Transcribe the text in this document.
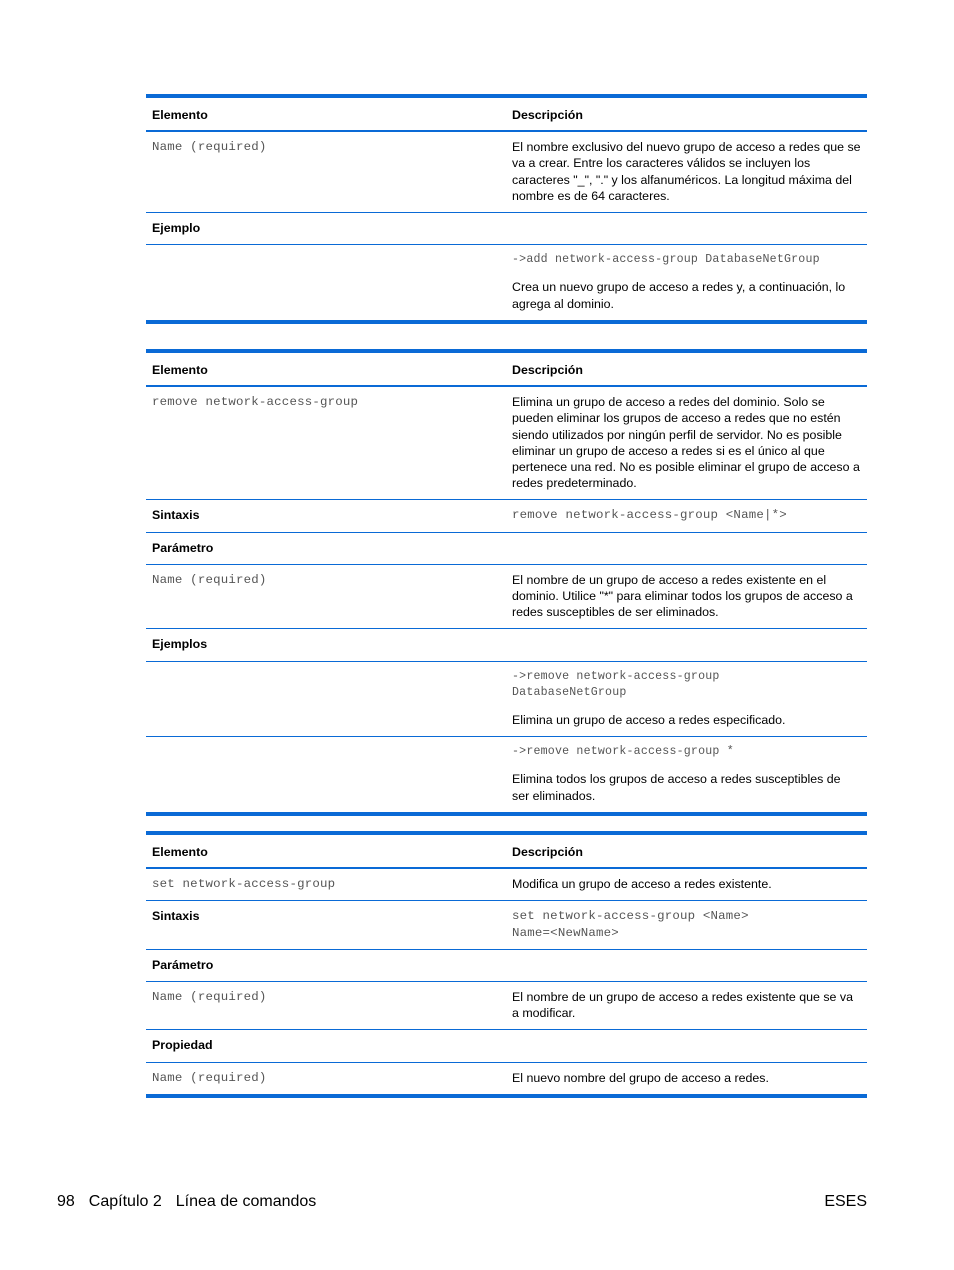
Elemento	Descripción
Name (required)	El nombre exclusivo del nuevo grupo de acceso a redes que se va a crear. Entre los caracteres válidos se incluyen los caracteres "_", "." y los alfanuméricos. La longitud máxima del nombre es de 64 caracteres.
Ejemplo	

	->add network-access-group DatabaseNetGroup
Crea un nuevo grupo de acceso a redes y, a continuación, lo agrega al dominio.
Elemento	Descripción
remove network-access-group	Elimina un grupo de acceso a redes del dominio. Solo se pueden eliminar los grupos de acceso a redes que no estén siendo utilizados por ningún perfil de servidor. No es posible eliminar un grupo de acceso a redes si es el único al que pertenece una red. No es posible eliminar el grupo de acceso a redes predeterminado.
Sintaxis	remove network-access-group <Name|*>
Parámetro	
Name (required)	El nombre de un grupo de acceso a redes existente en el dominio. Utilice "*" para eliminar todos los grupos de acceso a redes susceptibles de ser eliminados.
Ejemplos	

	->remove network-access-group DatabaseNetGroup
Elimina un grupo de acceso a redes especificado.

	->remove network-access-group *
Elimina todos los grupos de acceso a redes susceptibles de ser eliminados.
Elemento	Descripción
set network-access-group	Modifica un grupo de acceso a redes existente.
Sintaxis	set network-access-group <Name> Name=<NewName>
Parámetro	
Name (required)	El nombre de un grupo de acceso a redes existente que se va a modificar.
Propiedad	
Name (required)	El nuevo nombre del grupo de acceso a redes.
98 Capítulo 2 Línea de comandos	ESES
